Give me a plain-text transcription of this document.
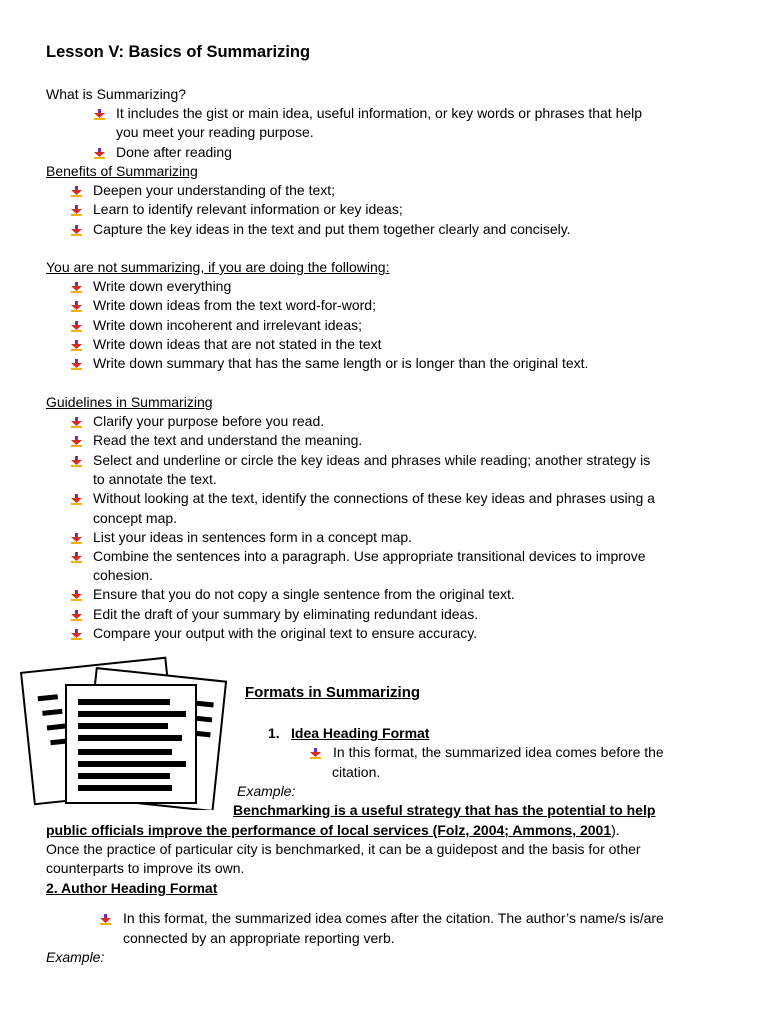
Lesson V: Basics of Summarizing
What is Summarizing?
It includes the gist or main idea, useful information, or key words or phrases that help
you meet your reading purpose.
Done after reading
Benefits of Summarizing
Deepen your understanding of the text;
Learn to identify relevant information or key ideas;
Capture the key ideas in the text and put them together clearly and concisely.
You are not summarizing, if you are doing the following:
Write down everything
Write down ideas from the text word-for-word;
Write down incoherent and irrelevant ideas;
Write down ideas that are not stated in the text
Write down summary that has the same length or is longer than the original text.
Guidelines in Summarizing
Clarify your purpose before you read.
Read the text and understand the meaning.
Select and underline or circle the key ideas and phrases while reading; another strategy is
to annotate the text.
Without looking at the text, identify the connections of these key ideas and phrases using a
concept map.
List your ideas in sentences form in a concept map.
Combine the sentences into a paragraph. Use appropriate transitional devices to improve
cohesion.
Ensure that you do not copy a single sentence from the original text.
Edit the draft of your summary by eliminating redundant ideas.
Compare your output with the original text to ensure accuracy.
Formats in Summarizing
1. Idea Heading Format
In this format, the summarized idea comes before the
citation.
Example:
Benchmarking is a useful strategy that has the potential to help
public officials improve the performance of local services (Folz, 2004; Ammons, 2001).
Once the practice of particular city is benchmarked, it can be a guidepost and the basis for other
counterparts to improve its own.
2. Author Heading Format
In this format, the summarized idea comes after the citation. The author’s name/s is/are
connected by an appropriate reporting verb.
Example:
